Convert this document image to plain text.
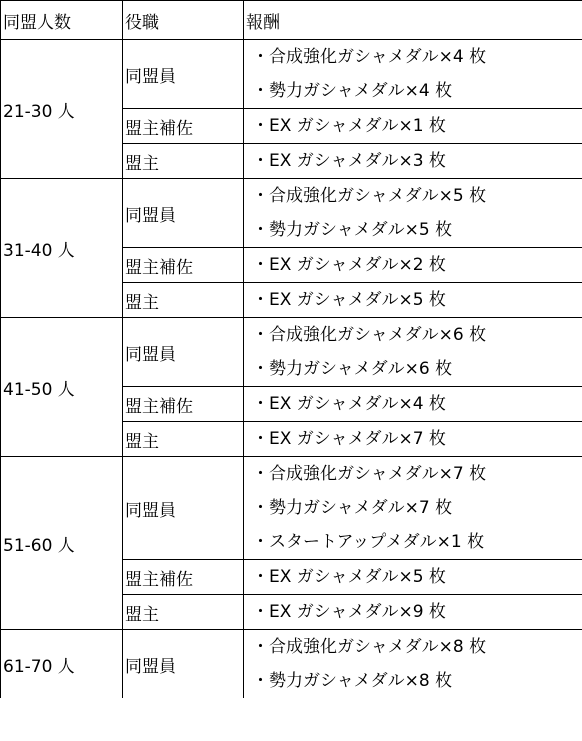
同盟人数	役職	報酬
21-30 人	同盟員	・合成強化ガシャメダル×4 枚
・勢力ガシャメダル×4 枚

	盟主補佐	・EX ガシャメダル×1 枚

	盟主	・EX ガシャメダル×3 枚

31-40 人	同盟員	・合成強化ガシャメダル×5 枚
・勢力ガシャメダル×5 枚

	盟主補佐	・EX ガシャメダル×2 枚

	盟主	・EX ガシャメダル×5 枚

41-50 人	同盟員	・合成強化ガシャメダル×6 枚
・勢力ガシャメダル×6 枚

	盟主補佐	・EX ガシャメダル×4 枚

	盟主	・EX ガシャメダル×7 枚

51-60 人	同盟員	・合成強化ガシャメダル×7 枚
・勢力ガシャメダル×7 枚
・スタートアップメダル×1 枚

	盟主補佐	・EX ガシャメダル×5 枚

	盟主	・EX ガシャメダル×9 枚

61-70 人	同盟員	・合成強化ガシャメダル×8 枚
・勢力ガシャメダル×8 枚
